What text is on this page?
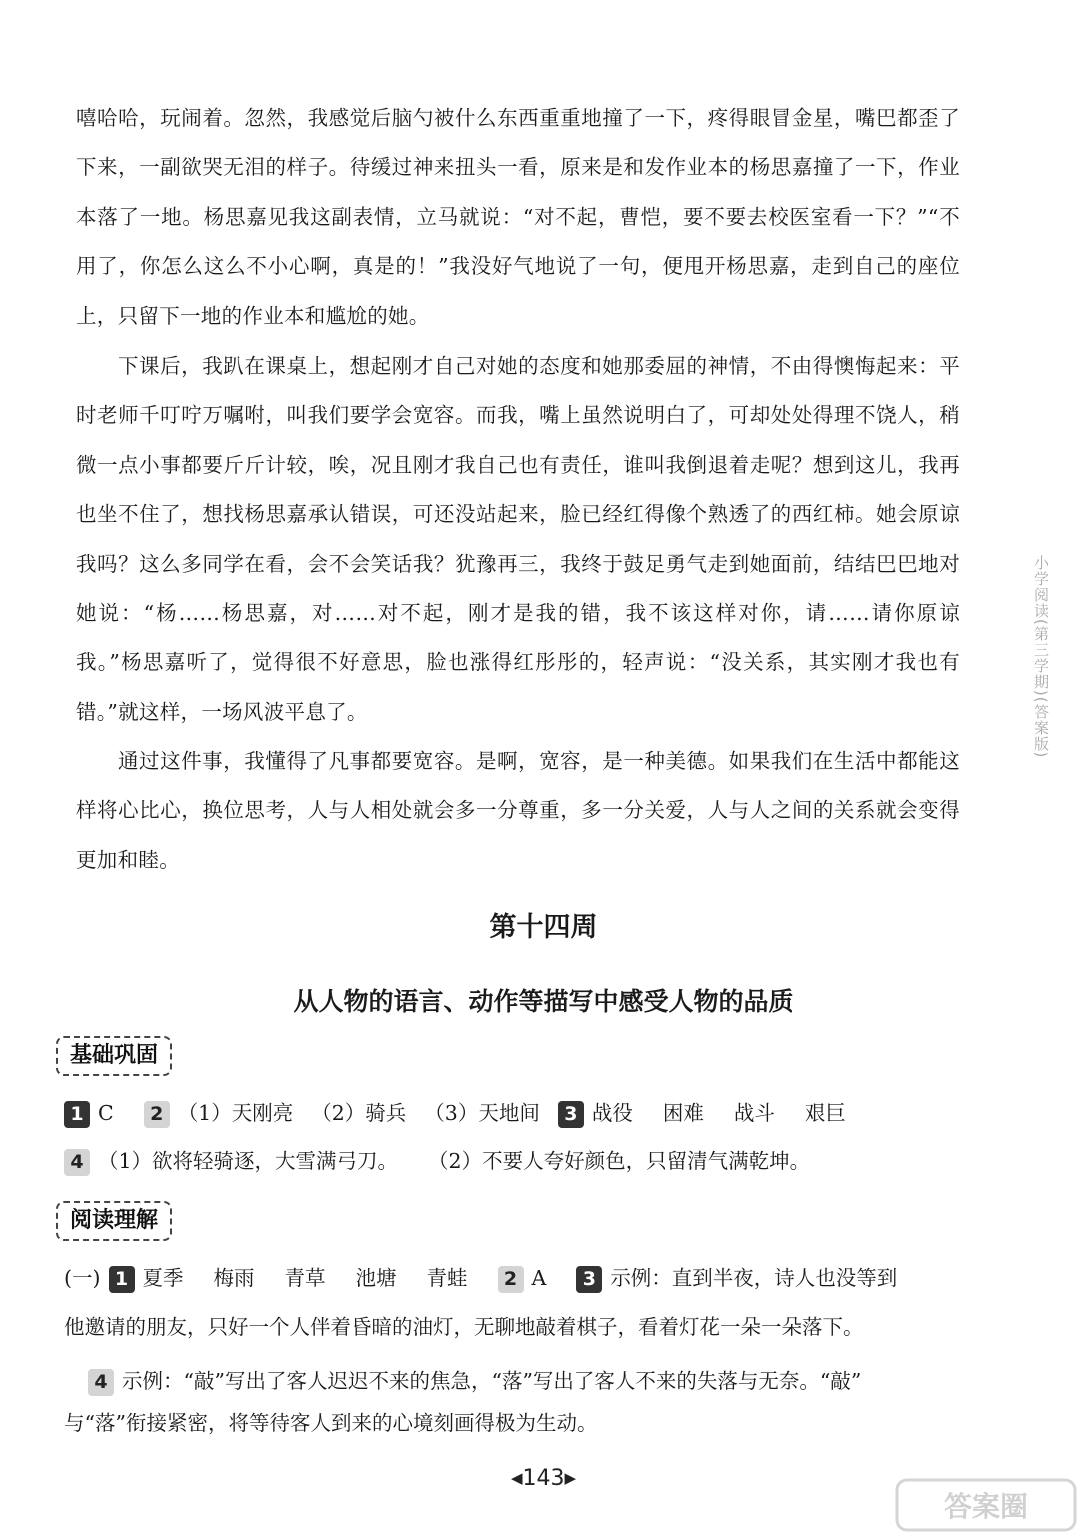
嘻哈哈，玩闹着。忽然，我感觉后脑勺被什么东西重重地撞了一下，疼得眼冒金星，嘴巴都歪了下来，一副欲哭无泪的样子。待缓过神来扭头一看，原来是和发作业本的杨思嘉撞了一下，作业本落了一地。杨思嘉见我这副表情，立马就说：“对不起，曹恺，要不要去校医室看一下？”“不用了，你怎么这么不小心啊，真是的！”我没好气地说了一句，便甩开杨思嘉，走到自己的座位上，只留下一地的作业本和尴尬的她。

下课后，我趴在课桌上，想起刚才自己对她的态度和她那委屈的神情，不由得懊悔起来：平时老师千叮咛万嘱咐，叫我们要学会宽容。而我，嘴上虽然说明白了，可却处处得理不饶人，稍微一点小事都要斤斤计较，唉，况且刚才我自己也有责任，谁叫我倒退着走呢？想到这儿，我再也坐不住了，想找杨思嘉承认错误，可还没站起来，脸已经红得像个熟透了的西红柿。她会原谅我吗？这么多同学在看，会不会笑话我？犹豫再三，我终于鼓足勇气走到她面前，结结巴巴地对她说：“杨……杨思嘉，对……对不起，刚才是我的错，我不该这样对你，请……请你原谅我。”杨思嘉听了，觉得很不好意思，脸也涨得红彤彤的，轻声说：“没关系，其实刚才我也有错。”就这样，一场风波平息了。

通过这件事，我懂得了凡事都要宽容。是啊，宽容，是一种美德。如果我们在生活中都能这样将心比心，换位思考，人与人相处就会多一分尊重，多一分关爱，人与人之间的关系就会变得更加和睦。

第十四周
从人物的语言、动作等描写中感受人物的品质
基础巩固
1 C 2 （1）天刚亮 （2）骑兵 （3）天地间 3 战役 困难 战斗 艰巨
4 （1）欲将轻骑逐，大雪满弓刀。 （2）不要人夸好颜色，只留清气满乾坤。
阅读理解
(一) 1 夏季 梅雨 青草 池塘 青蛙 2 A 3 示例：直到半夜，诗人也没等到
他邀请的朋友，只好一个人伴着昏暗的油灯，无聊地敲着棋子，看着灯花一朵一朵落下。
4 示例：“敲”写出了客人迟迟不来的焦急，“落”写出了客人不来的失落与无奈。“敲”
与“落”衔接紧密，将等待客人到来的心境刻画得极为生动。
小学阅读(第三学期)(答案版)
◀143▶
答案圈
